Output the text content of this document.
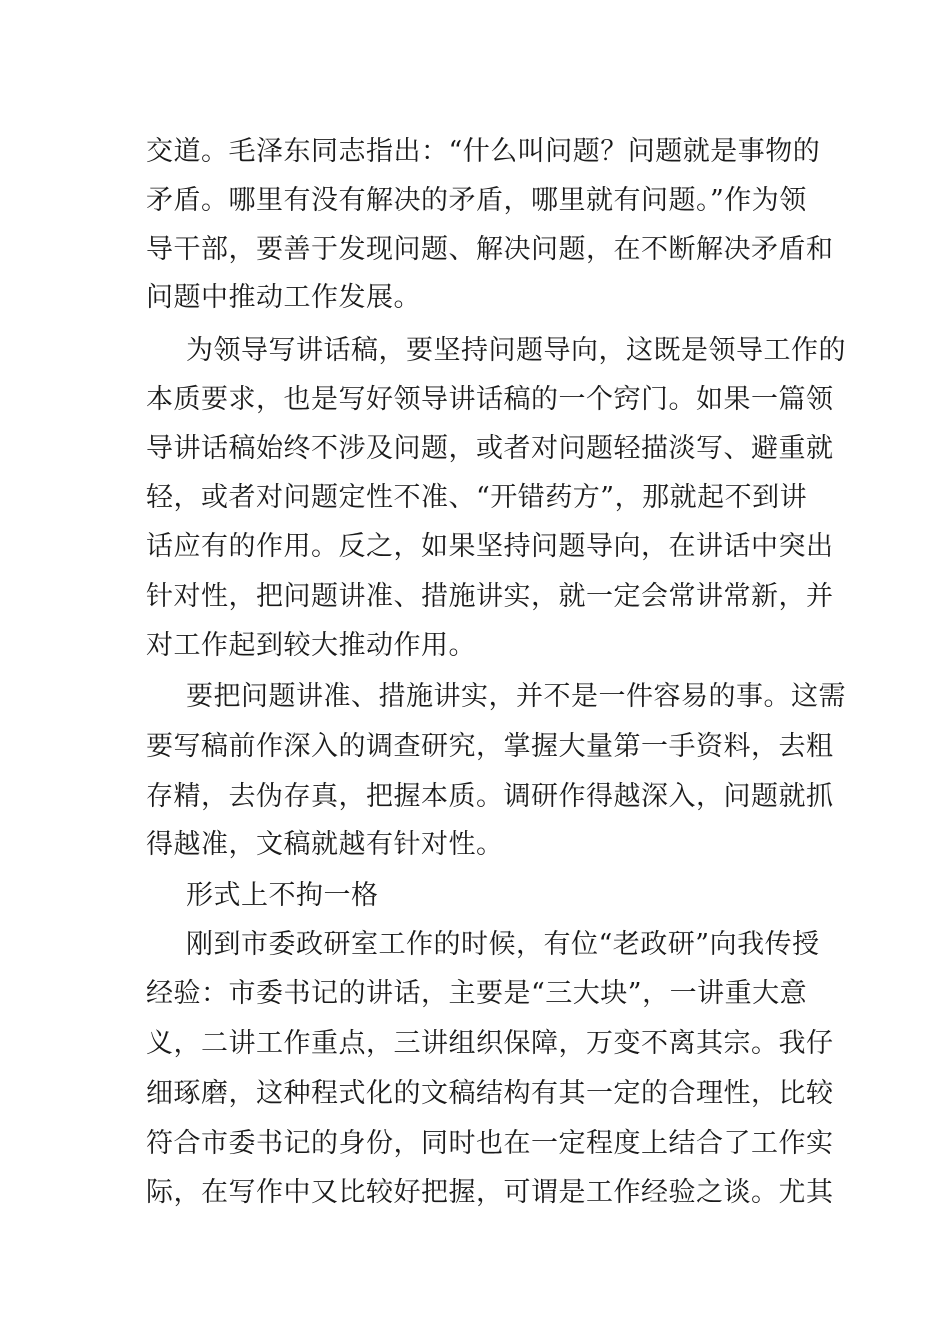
交道。毛泽东同志指出：“什么叫问题？问题就是事物的
矛盾。哪里有没有解决的矛盾，哪里就有问题。”作为领
导干部，要善于发现问题、解决问题，在不断解决矛盾和
问题中推动工作发展。
为领导写讲话稿，要坚持问题导向，这既是领导工作的
本质要求，也是写好领导讲话稿的一个窍门。如果一篇领
导讲话稿始终不涉及问题，或者对问题轻描淡写、避重就
轻，或者对问题定性不准、“开错药方”，那就起不到讲
话应有的作用。反之，如果坚持问题导向，在讲话中突出
针对性，把问题讲准、措施讲实，就一定会常讲常新，并
对工作起到较大推动作用。
要把问题讲准、措施讲实，并不是一件容易的事。这需
要写稿前作深入的调查研究，掌握大量第一手资料，去粗
存精，去伪存真，把握本质。调研作得越深入，问题就抓
得越准，文稿就越有针对性。
形式上不拘一格
刚到市委政研室工作的时候，有位“老政研”向我传授
经验：市委书记的讲话，主要是“三大块”，一讲重大意
义，二讲工作重点，三讲组织保障，万变不离其宗。我仔
细琢磨，这种程式化的文稿结构有其一定的合理性，比较
符合市委书记的身份，同时也在一定程度上结合了工作实
际，在写作中又比较好把握，可谓是工作经验之谈。尤其
